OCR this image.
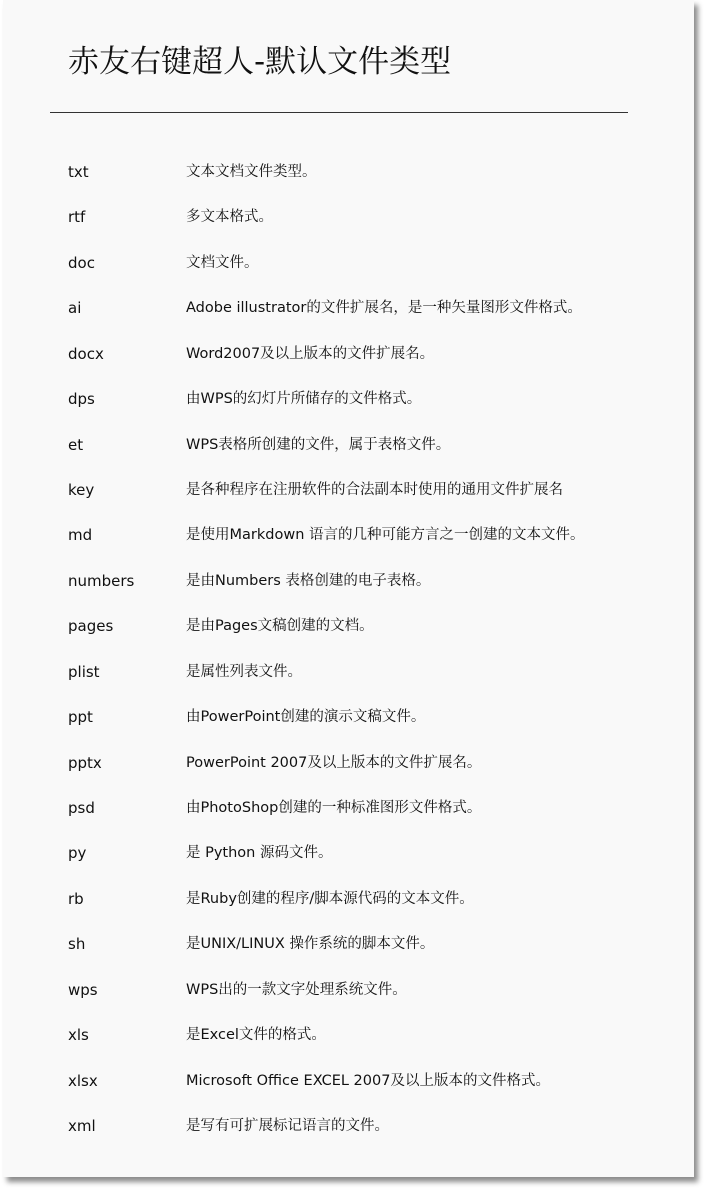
赤友右键超人-默认文件类型
txt	文本文档文件类型。
rtf	多文本格式。
doc	文档文件。
ai	Adobe illustrator的文件扩展名，是一种矢量图形文件格式。
docx	Word2007及以上版本的文件扩展名。
dps	由WPS的幻灯片所储存的文件格式。
et	WPS表格所创建的文件，属于表格文件。
key	是各种程序在注册软件的合法副本时使用的通用文件扩展名
md	是使用Markdown 语言的几种可能方言之一创建的文本文件。
numbers	是由Numbers 表格创建的电子表格。
pages	是由Pages文稿创建的文档。
plist	是属性列表文件。
ppt	由PowerPoint创建的演示文稿文件。
pptx	PowerPoint 2007及以上版本的文件扩展名。
psd	由PhotoShop创建的一种标准图形文件格式。
py	是 Python 源码文件。
rb	是Ruby创建的程序/脚本源代码的文本文件。
sh	是UNIX/LINUX 操作系统的脚本文件。
wps	WPS出的一款文字处理系统文件。
xls	是Excel文件的格式。
xlsx	Microsoft Office EXCEL 2007及以上版本的文件格式。
xml	是写有可扩展标记语言的文件。
